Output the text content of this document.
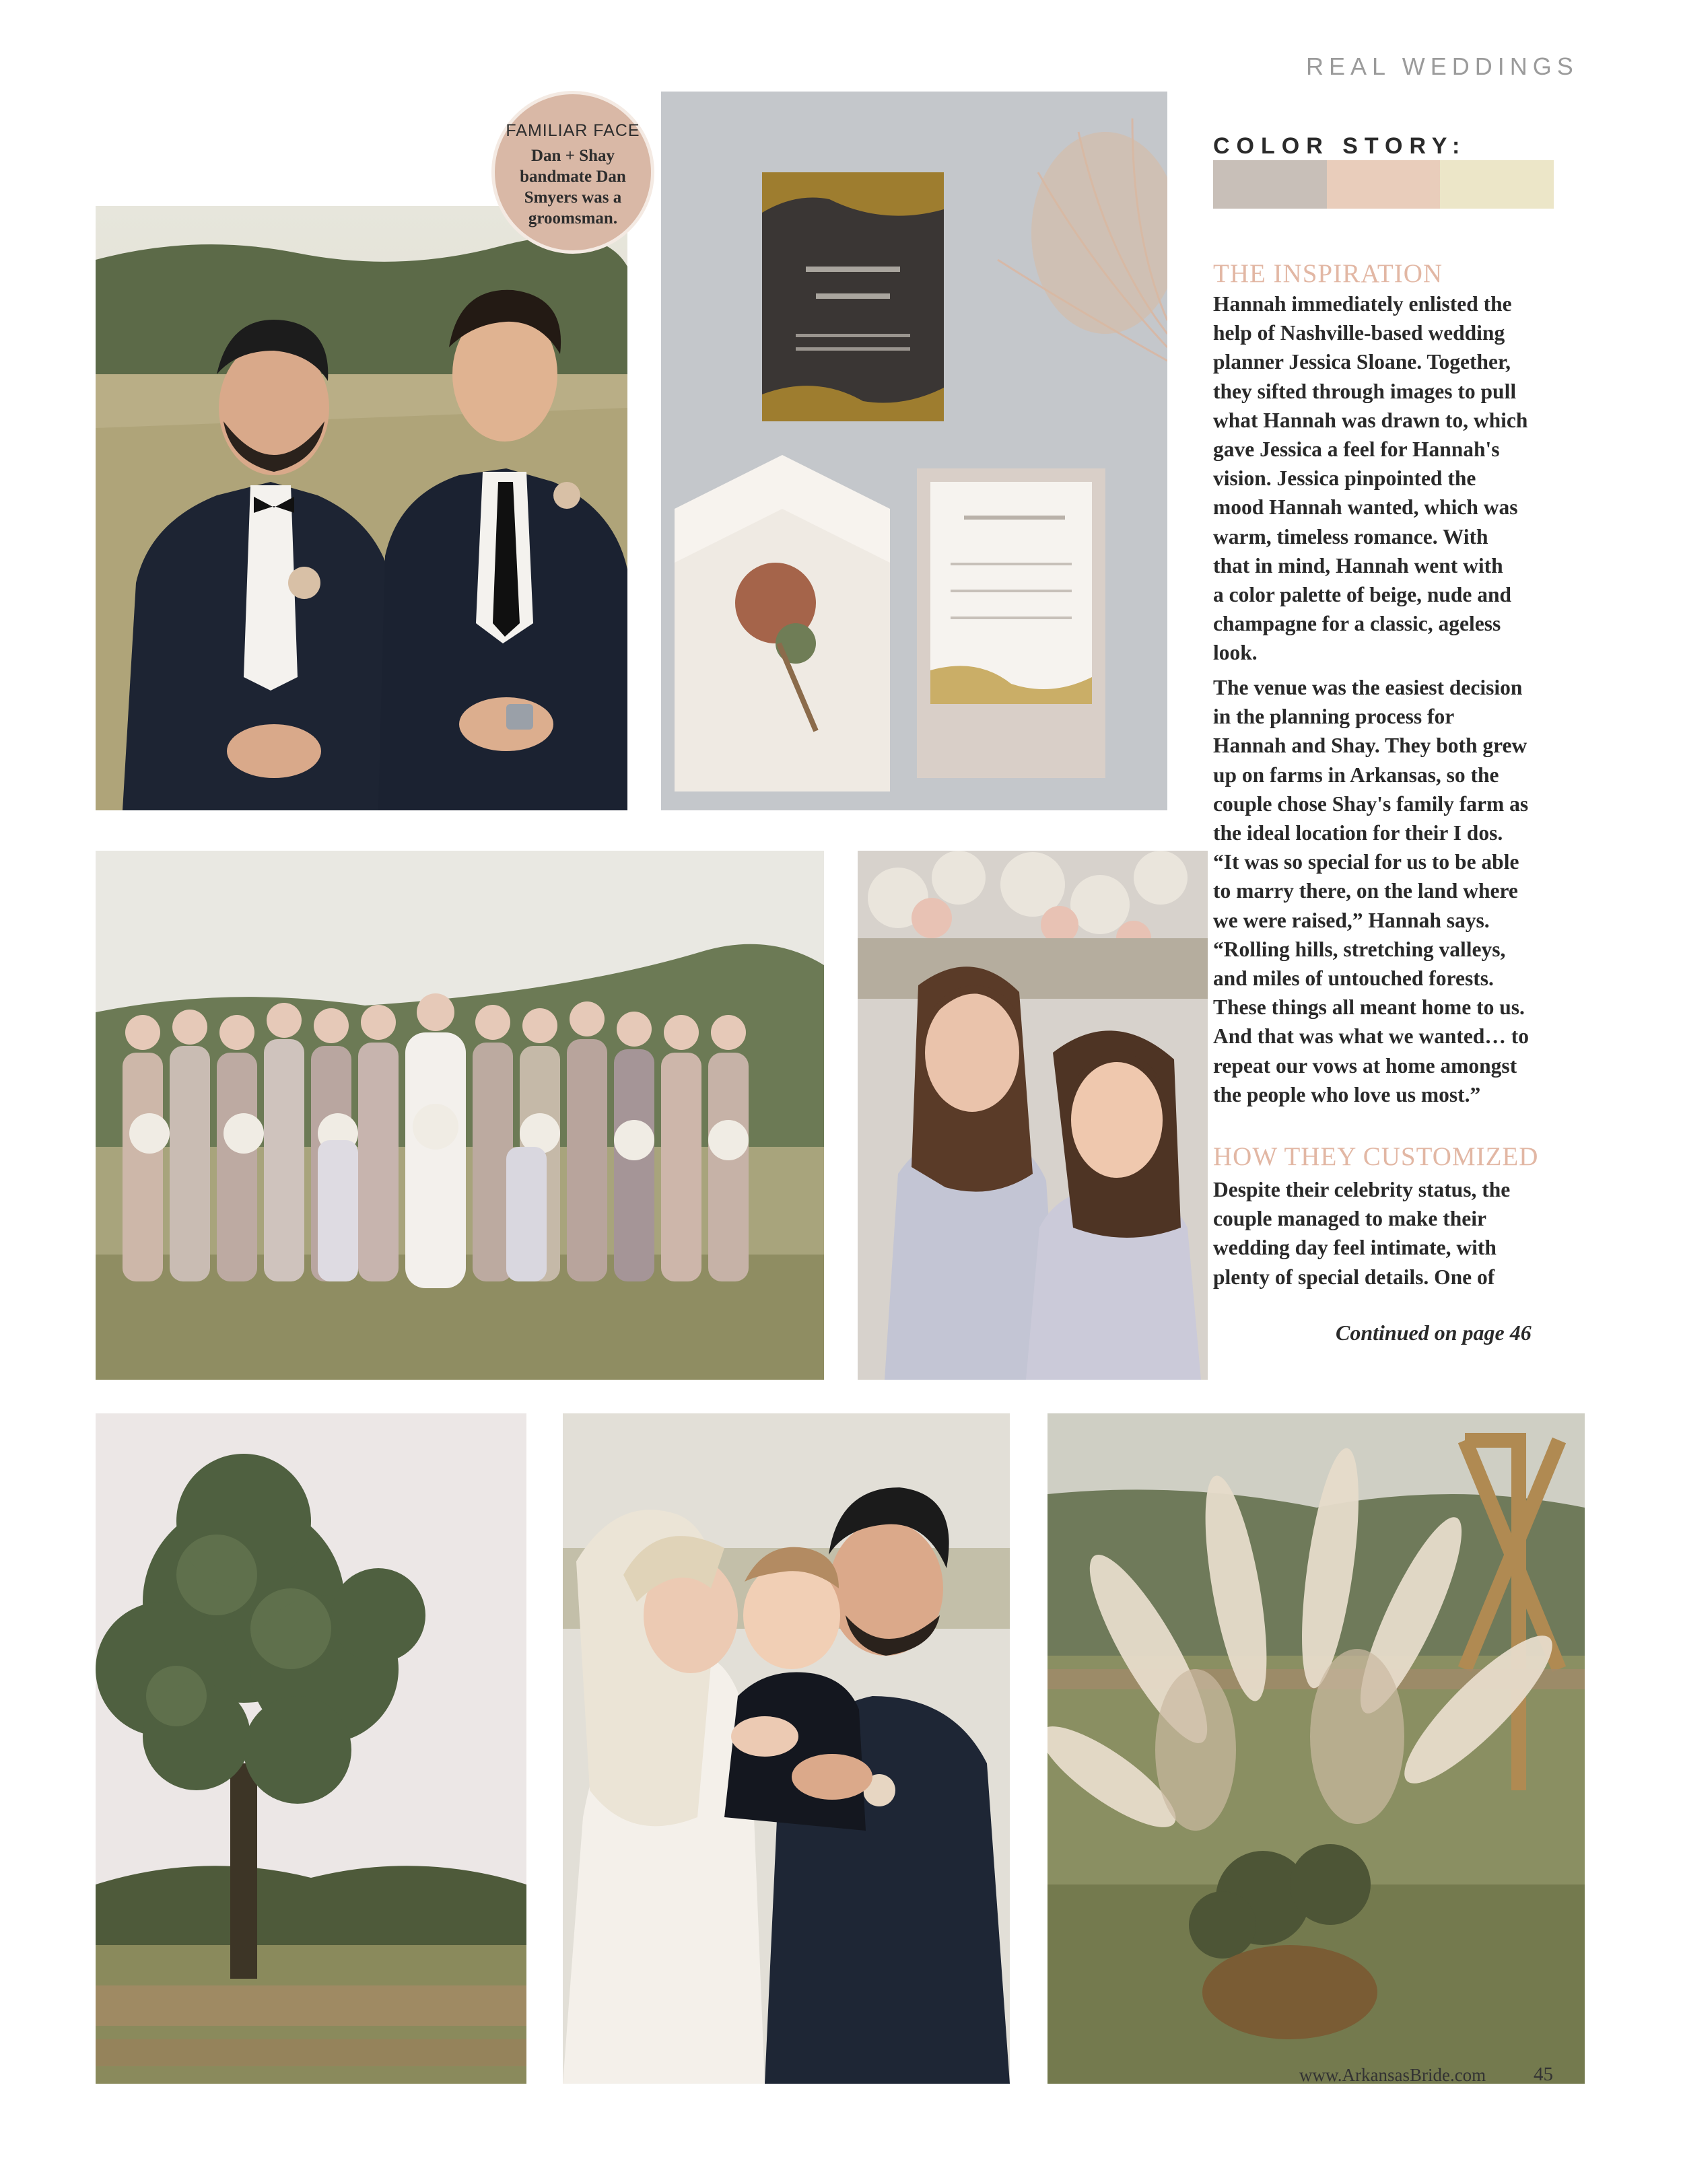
REAL WEDDINGS
FAMILIAR FACE
Dan + Shay
bandmate Dan
Smyers was a
groomsman.
COLOR STORY:
THE INSPIRATION
Hannah immediately enlisted the
help of Nashville-based wedding
planner Jessica Sloane. Together,
they sifted through images to pull
what Hannah was drawn to, which
gave Jessica a feel for Hannah's
vision. Jessica pinpointed the
mood Hannah wanted, which was
warm, timeless romance. With
that in mind, Hannah went with
a color palette of beige, nude and
champagne for a classic, ageless
look.
The venue was the easiest decision
in the planning process for
Hannah and Shay. They both grew
up on farms in Arkansas, so the
couple chose Shay's family farm as
the ideal location for their I dos.
“It was so special for us to be able
to marry there, on the land where
we were raised,” Hannah says.
“Rolling hills, stretching valleys,
and miles of untouched forests.
These things all meant home to us.
And that was what we wanted… to
repeat our vows at home amongst
the people who love us most.”
HOW THEY CUSTOMIZED
Despite their celebrity status, the
couple managed to make their
wedding day feel intimate, with
plenty of special details. One of
Continued on page 46
www.ArkansasBride.com 45
